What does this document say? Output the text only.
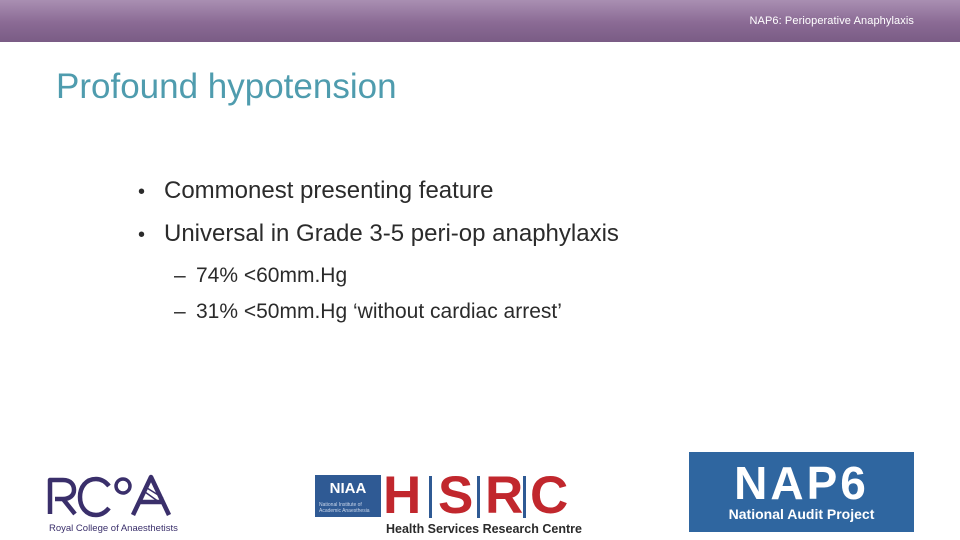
NAP6: Perioperative Anaphylaxis
Profound hypotension
• Commonest presenting feature
• Universal in Grade 3-5 peri-op anaphylaxis
– 74% <60mm.Hg
– 31% <50mm.Hg ‘without cardiac arrest’
Royal College of Anaesthetists
NIAA
National Institute of Academic Anaesthesia H S R C
Health Services Research Centre
NAP6
National Audit Project
